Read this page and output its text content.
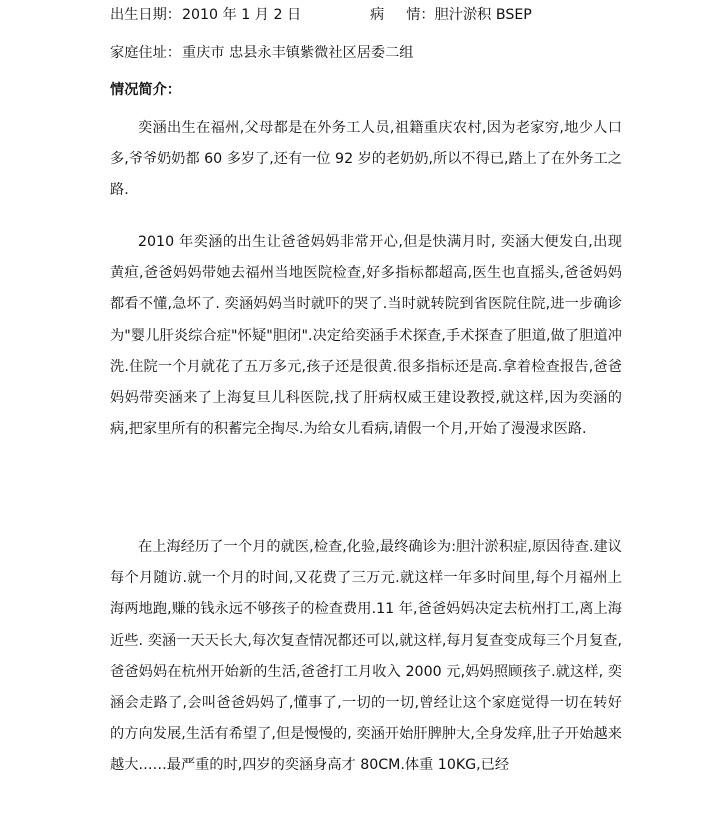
出生日期：2010 年 1 月 2 日	病 情：胆汁淤积 BSEP
家庭住址：重庆市 忠县永丰镇紫微社区居委二组
情况简介：

奕涵出生在福州,父母都是在外务工人员,祖籍重庆农村,因为老家穷,地少人口多,爷爷奶奶都 60 多岁了,还有一位 92 岁的老奶奶,所以不得已,踏上了在外务工之路.

2010 年奕涵的出生让爸爸妈妈非常开心,但是快满月时, 奕涵大便发白,出现黄疸,爸爸妈妈带她去福州当地医院检查,好多指标都超高,医生也直摇头,爸爸妈妈都看不懂,急坏了. 奕涵妈妈当时就吓的哭了.当时就转院到省医院住院,进一步确诊为"婴儿肝炎综合症"怀疑"胆闭".决定给奕涵手术探查,手术探查了胆道,做了胆道冲洗.住院一个月就花了五万多元,孩子还是很黄.很多指标还是高.拿着检查报告,爸爸妈妈带奕涵来了上海复旦儿科医院,找了肝病权威王建设教授,就这样,因为奕涵的病,把家里所有的积蓄完全掏尽.为给女儿看病,请假一个月,开始了漫漫求医路.

在上海经历了一个月的就医,检查,化验,最终确诊为:胆汁淤积症,原因待查.建议每个月随访.就一个月的时间,又花费了三万元.就这样一年多时间里,每个月福州上海两地跑,赚的钱永远不够孩子的检查费用.11 年,爸爸妈妈决定去杭州打工,离上海近些. 奕涵一天天长大,每次复查情况都还可以,就这样,每月复查变成每三个月复查,爸爸妈妈在杭州开始新的生活,爸爸打工月收入 2000 元,妈妈照顾孩子.就这样, 奕涵会走路了,会叫爸爸妈妈了,懂事了,一切的一切,曾经让这个家庭觉得一切在转好的方向发展,生活有希望了,但是慢慢的, 奕涵开始肝脾肿大,全身发痒,肚子开始越来越大……最严重的时,四岁的奕涵身高才 80CM.体重 10KG,已经
